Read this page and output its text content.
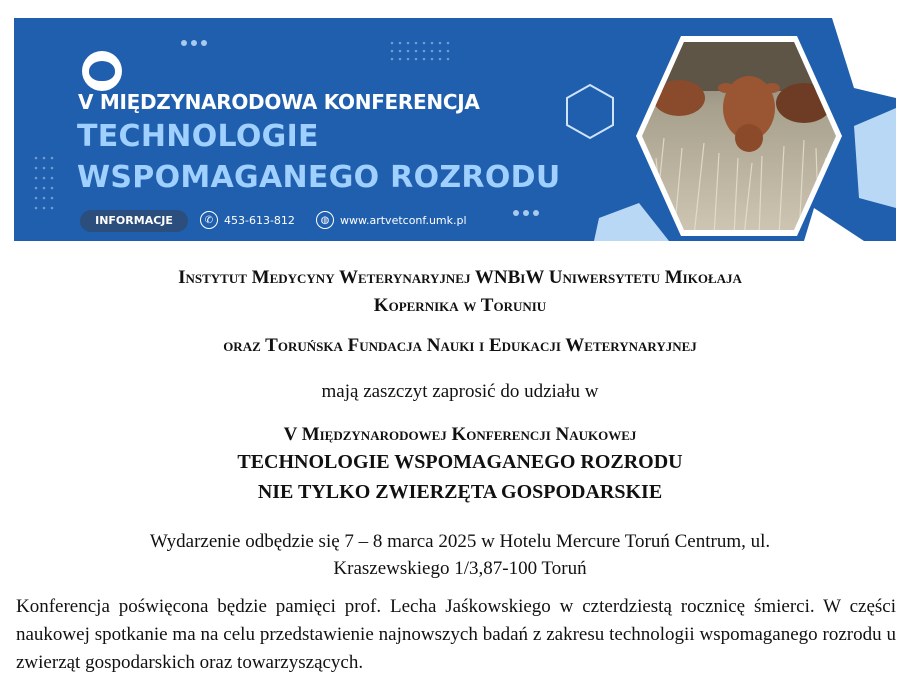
V MIĘDZYNARODOWA KONFERENCJA
TECHNOLOGIE
WSPOMAGANEGO ROZRODU
INFORMACJE	✆ 453-613-812	◍ www.artvetconf.umk.pl
Instytut Medycyny Weterynaryjnej WNBiW Uniwersytetu Mikołaja
Kopernika w Toruniu
oraz Toruńska Fundacja Nauki i Edukacji Weterynaryjnej
mają zaszczyt zaprosić do udziału w
V Międzynarodowej Konferencji Naukowej
TECHNOLOGIE WSPOMAGANEGO ROZRODU
NIE TYLKO ZWIERZĘTA GOSPODARSKIE
Wydarzenie odbędzie się 7 – 8 marca 2025 w Hotelu Mercure Toruń Centrum, ul.
Kraszewskiego 1/3,87-100 Toruń
Konferencja poświęcona będzie pamięci prof. Lecha Jaśkowskiego w czterdziestą rocznicę śmierci. W części naukowej spotkanie ma na celu przedstawienie najnowszych badań z zakresu technologii wspomaganego rozrodu u zwierząt gospodarskich oraz towarzyszących.
